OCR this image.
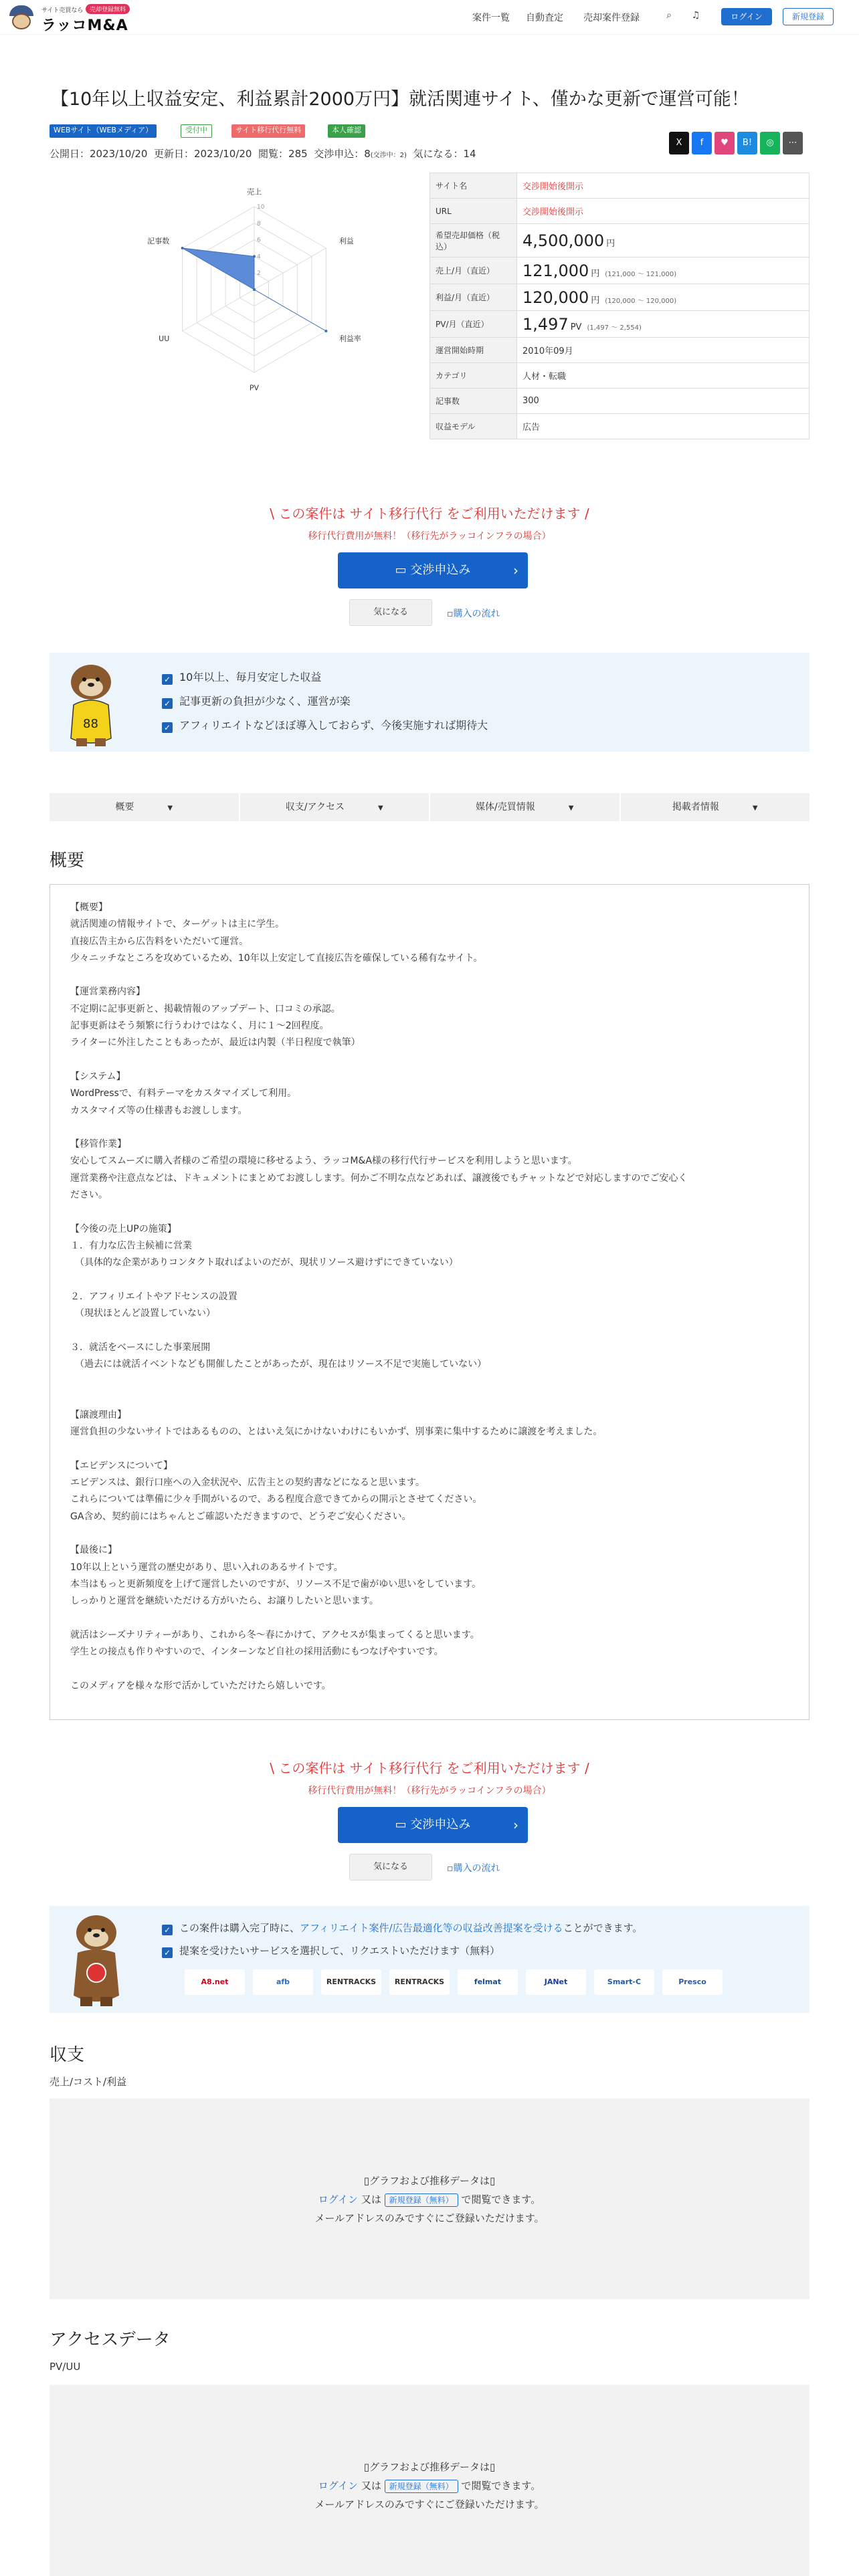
サイト売買なら	売却登録無料
ラッコM&A	案件一覧 自動査定 売却案件登録	⌕ ♫	ログイン	新規登録
【10年以上収益安定、利益累計2000万円】就活関連サイト、僅かな更新で運営可能！
WEBサイト（WEBメディア）	受付中	サイト移行代行無料	本人確認
公開日：2023/10/20 更新日：2023/10/20 閲覧：285 交渉申込：8(交渉中：2) 気になる：14
X	f	♥	B!	◎	⋯
2
4
6
8
10
売上
利益
利益率
PV
UU
記事数
サイト名	交渉開始後開示
URL	交渉開始後開示
希望売却価格（税込）	4,500,000 円
売上/月（直近）	121,000 円 (121,000 ～ 121,000)
利益/月（直近）	120,000 円 (120,000 ～ 120,000)
PV/月（直近）	1,497 PV (1,497 ～ 2,554)
運営開始時期	2010年09月
カテゴリ	人材・転職
記事数	300
収益モデル	広告
\ この案件は サイト移行代行 をご利用いただけます /
移行代行費用が無料！（移行先がラッコインフラの場合）
▭ 交渉申込み	›
気になる	▫購入の流れ
88
✓ 10年以上、毎月安定した収益
✓ 記事更新の負担が少なく、運営が楽
✓ アフィリエイトなどほぼ導入しておらず、今後実施すれば期待大
概要	▼	収支/アクセス	▼	媒体/売買情報	▼	掲載者情報	▼
概要

【概要】
就活関連の情報サイトで、ターゲットは主に学生。
直接広告主から広告料をいただいて運営。
少々ニッチなところを攻めているため、10年以上安定して直接広告を確保している稀有なサイト。

【運営業務内容】
不定期に記事更新と、掲載情報のアップデート、口コミの承認。
記事更新はそう頻繁に行うわけではなく、月に１〜2回程度。
ライターに外注したこともあったが、最近は内製（半日程度で執筆）

【システム】
WordPressで、有料テーマをカスタマイズして利用。
カスタマイズ等の仕様書もお渡しします。

【移管作業】
安心してスムーズに購入者様のご希望の環境に移せるよう、ラッコM&A様の移行代行サービスを利用しようと思います。
運営業務や注意点などは、ドキュメントにまとめてお渡しします。何かご不明な点などあれば、譲渡後でもチャットなどで対応しますのでご安心く
ださい。

【今後の売上UPの施策】
１．有力な広告主候補に営業
　（具体的な企業がありコンタクト取ればよいのだが、現状リソース避けずにできていない）

２．アフィリエイトやアドセンスの設置
　（現状ほとんど設置していない）

３．就活をベースにした事業展開
　（過去には就活イベントなども開催したことがあったが、現在はリソース不足で実施していない）

【譲渡理由】
運営負担の少ないサイトではあるものの、とはいえ気にかけないわけにもいかず、別事業に集中するために譲渡を考えました。

【エビデンスについて】
エビデンスは、銀行口座への入金状況や、広告主との契約書などになると思います。
これらについては準備に少々手間がいるので、ある程度合意できてからの開示とさせてください。
GA含め、契約前にはちゃんとご確認いただきますので、どうぞご安心ください。

【最後に】
10年以上という運営の歴史があり、思い入れのあるサイトです。
本当はもっと更新頻度を上げて運営したいのですが、リソース不足で歯がゆい思いをしています。
しっかりと運営を継続いただける方がいたら、お譲りしたいと思います。

就活はシーズナリティーがあり、これから冬〜春にかけて、アクセスが集まってくると思います。
学生との接点も作りやすいので、インターンなど自社の採用活動にもつなげやすいです。

このメディアを様々な形で活かしていただけたら嬉しいです。

\ この案件は サイト移行代行 をご利用いただけます /
移行代行費用が無料！（移行先がラッコインフラの場合）
▭ 交渉申込み	›
気になる	▫購入の流れ
✓ この案件は購入完了時に、アフィリエイト案件/広告最適化等の収益改善提案を受けることができます。
✓ 提案を受けたいサービスを選択して、リクエストいただけます（無料）
A8.net	afb	RENTRACKS	RENTRACKS	felmat	JANet	Smart-C	Presco
収支
売上/コスト/利益
▯グラフおよび推移データは▯
ログイン 又は 新規登録（無料） で閲覧できます。
メールアドレスのみですぐにご登録いただけます。
アクセスデータ
PV/UU
▯グラフおよび推移データは▯
ログイン 又は 新規登録（無料） で閲覧できます。
メールアドレスのみですぐにご登録いただけます。
